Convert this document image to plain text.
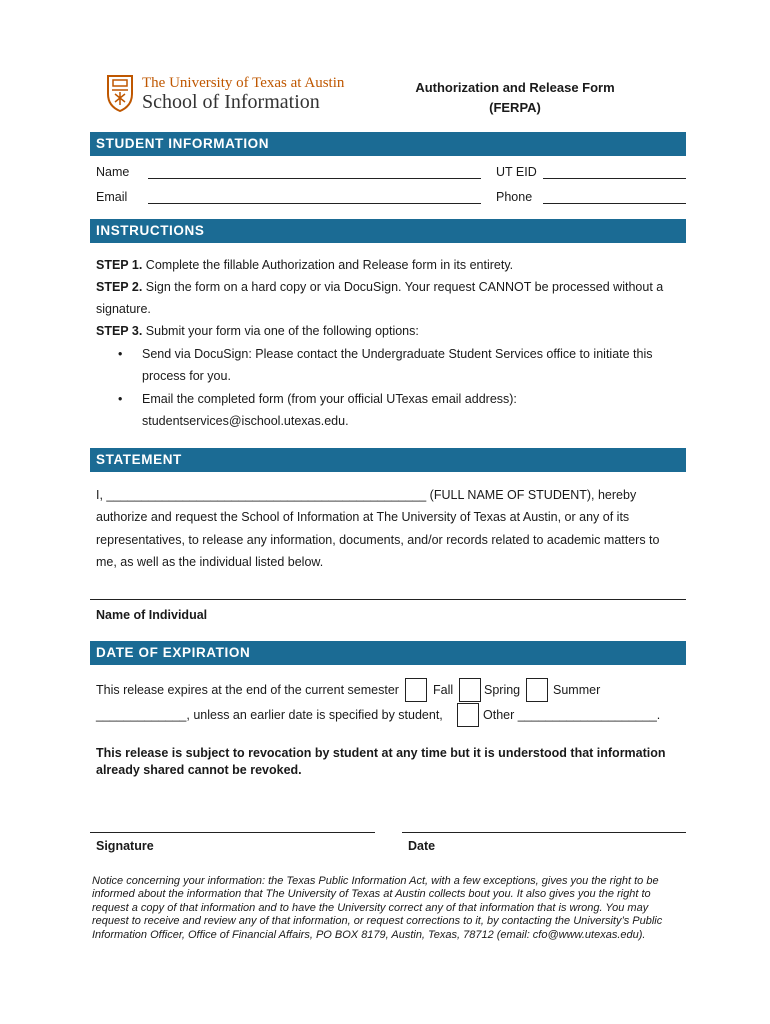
The University of Texas at Austin
School of Information
Authorization and Release Form
(FERPA)
STUDENT INFORMATION
Name	UT EID
Email	Phone
INSTRUCTIONS
STEP 1. Complete the fillable Authorization and Release form in its entirety.
STEP 2. Sign the form on a hard copy or via DocuSign. Your request CANNOT be processed without a
signature.
STEP 3. Submit your form via one of the following options:
• Send via DocuSign: Please contact the Undergraduate Student Services office to initiate this
process for you.
• Email the completed form (from your official UTexas email address):
studentservices@ischool.utexas.edu.
STATEMENT
I, ______________________________________________ (FULL NAME OF STUDENT), hereby
authorize and request the School of Information at The University of Texas at Austin, or any of its
representatives, to release any information, documents, and/or records related to academic matters to
me, as well as the individual listed below.
Name of Individual
DATE OF EXPIRATION
This release expires at the end of the current semester	Fall Spring	Summer
_____________, unless an earlier date is specified by student,	Other ____________________.
This release is subject to revocation by student at any time but it is understood that information
already shared cannot be revoked.
Signature	Date
Notice concerning your information: the Texas Public Information Act, with a few exceptions, gives you the right to be
informed about the information that The University of Texas at Austin collects bout you. It also gives you the right to
request a copy of that information and to have the University correct any of that information that is wrong. You may
request to receive and review any of that information, or request corrections to it, by contacting the University’s Public
Information Officer, Office of Financial Affairs, PO BOX 8179, Austin, Texas, 78712 (email: cfo@www.utexas.edu).
